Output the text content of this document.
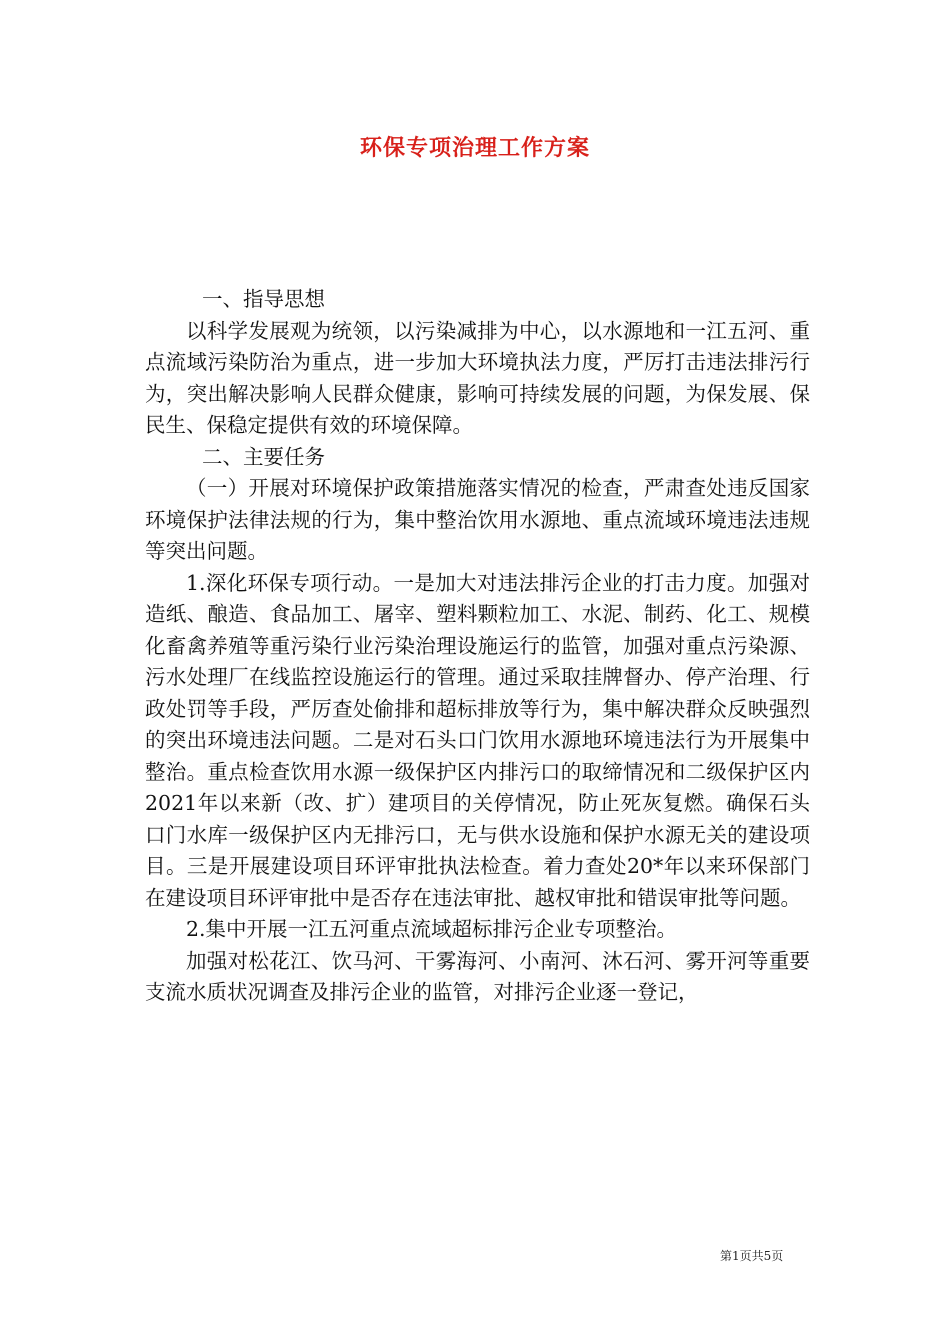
环保专项治理工作方案

一、指导思想

以科学发展观为统领，以污染减排为中心，以水源地和一江五河、重点流域污染防治为重点，进一步加大环境执法力度，严厉打击违法排污行为，突出解决影响人民群众健康，影响可持续发展的问题，为保发展、保民生、保稳定提供有效的环境保障。

二、主要任务

（一）开展对环境保护政策措施落实情况的检查，严肃查处违反国家环境保护法律法规的行为，集中整治饮用水源地、重点流域环境违法违规等突出问题。

1.深化环保专项行动。一是加大对违法排污企业的打击力度。加强对造纸、酿造、食品加工、屠宰、塑料颗粒加工、水泥、制药、化工、规模化畜禽养殖等重污染行业污染治理设施运行的监管，加强对重点污染源、污水处理厂在线监控设施运行的管理。通过采取挂牌督办、停产治理、行政处罚等手段，严厉查处偷排和超标排放等行为，集中解决群众反映强烈的突出环境违法问题。二是对石头口门饮用水源地环境违法行为开展集中整治。重点检查饮用水源一级保护区内排污口的取缔情况和二级保护区内2021年以来新（改、扩）建项目的关停情况，防止死灰复燃。确保石头口门水库一级保护区内无排污口，无与供水设施和保护水源无关的建设项目。三是开展建设项目环评审批执法检查。着力查处20*年以来环保部门在建设项目环评审批中是否存在违法审批、越权审批和错误审批等问题。

2.集中开展一江五河重点流域超标排污企业专项整治。

加强对松花江、饮马河、干雾海河、小南河、沐石河、雾开河等重要支流水质状况调查及排污企业的监管，对排污企业逐一登记，

第1页共5页
